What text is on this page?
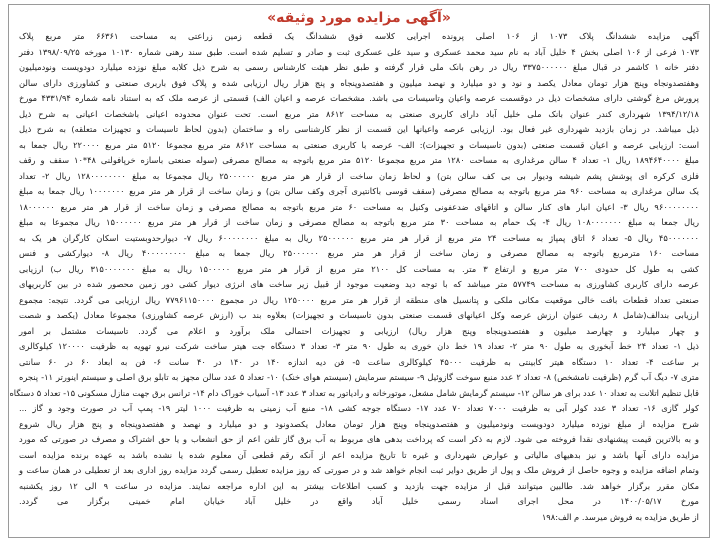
«آگهی مزایده مورد وثیقه»

آگهی مزایده ششدانگ پلاک ۱۰۷۳ از ۱۰۶ اصلی پرونده اجرایی کلاسه فوق ششدانگ یک قطعه زمین زراعتی به مساحت ۶۶۳۶۱ متر مربع پلاک
۱۰۷۳ فرعی از ۱۰۶ اصلی بخش ۴ خلیل آباد به نام سید محمد عسکری و سید علی عسکری ثبت و صادر و تسلیم شده است. طبق سند رهنی شماره ۱۰۱۳۰ مورخه ۱۳۹۸/۰۹/۲۵ دفتر
دفتر خانه ۱ کاشمر در قبال مبلغ ۳۳۷۵۰۰۰۰۰۰ ریال در رهن بانک ملی قرار گرفته و طبق نظر هیئت کارشناس رسمی به شرح ذیل کلابه مبلغ نوزده میلیارد دودویست ونودمیلیون
وهفتصدونجاه وپنج هزار تومان معادل یکصد و نود و دو میلیارد و نهصد میلیون و هفتصدوپنجاه و پنج هزار ریال ارزیابی شده و پلاک فوق باربری صنعتی و کشاورزی دارای سالن
پرورش مرغ گوشتی دارای مشخصات ذیل در دوقسمت عرصه واعیان وتاسیسات می باشد. مشخصات عرصه و اعیان الف) قسمتی از عرصه ملک که به استناد نامه شماره ۴۳۳۱/۹۴ مورخ
۱۳۹۴/۱۲/۱۸ شهرداری کندر عنوان بانک ملی خلیل آباد دارای کاربری صنعتی به مساحت ۸۶۱۲ متر مربع است. تحت عنوان محدوده اعیانی باشخصات اعیانی به شرح ذیل
ذیل میباشد. در زمان بازدید شهرداری غیر فعال بود. ارزیابی عرصه واعیانها این قسمت از نظر کارشناسی راه و ساختمان (بدون لحاظ تاسیسات و تجهیزات متعلقه) به شرح ذیل
است: ارزیابی عرصه و اعیان قسمت صنعتی (بدون تاسیسات و تجهیزات): الف- عرصه با کاربری صنعتی به مساحت ۸۶۱۲ متر مربع مجموعا ۵۱۲۰ متر مربع ۲۲۰۰۰۰ ریال جمعا به
مبلغ ۱۸۹۴۶۴۰۰۰۰ ریال ۱- تعداد ۴ سالن مرغداری به مساحت ۱۲۸۰ متر مربع مجموعا ۵۱۲۰ متر مربع باتوجه به مصالح مصرفی (سوله صنعتی باسازه خرپافولنی ۴۸*۱۰ سقف و رقف
فلزی کرکره ای پوشش پشم شیشه ودیوار بی بی کف سالن بتن) و لحاظ زمان ساخت از قرار هر متر مربع ۲۵۰۰۰۰۰۰ ریال مجموعا به مبلغ ۱۲۸۰۰۰۰۰۰۰۰ ریال ۲- تعداد
یک سالن مرغداری به مساحت ۹۶۰ متر مربع باتوجه به مصالح مصرفی (سقف قوسی باکانتیری آجری وکف سالن بتن) و زمان ساخت از قرار هر متر مربع ۱۰۰۰۰۰۰۰ ریال جمعا به مبلغ
۹۶۰۰۰۰۰۰۰۰ ریال ۳- اعیان انبار های کنار سالن و اتاقهای ضدعفونی وکنیل به مساحت ۶۰ متر مربع باتوجه به مصالح مصرفی و زمان ساخت از قرار هر متر مربع ۱۸۰۰۰۰۰۰
ریال جمعا به مبلغ ۱۰۸۰۰۰۰۰۰۰ ریال ۴- یک حمام به مساحت ۳۰ متر مربع باتوجه به مصالح مصرفی و زمان ساخت از قرار هر متر مربع ۱۵۰۰۰۰۰۰ ریال مجموعا به مبلغ
۴۵۰۰۰۰۰۰۰ ریال ۵- تعداد ۶ اتاق پمپاژ به مساحت ۲۴ متر مربع از قرار هر متر مربع ۲۵۰۰۰۰۰۰ ریال به مبلغ ۶۰۰۰۰۰۰۰۰ ریال ۷- دیوارحدوبستیت اسکان کارگران هر یک به
مساحت ۱۶۰ مترمربع باتوجه به مصالح مصرفی و زمان ساخت از قرار هر متر مربع ۲۵۰۰۰۰۰۰ ریال جمعا به مبلغ ۴۰۰۰۰۰۰۰۰۰ ریال ۸- دیوارکشی و فنس
کشی به طول کل حدودی ۷۰۰ متر مربع و ارتفاع ۳ متر. به مساحت کل ۲۱۰۰ متر مربع از قرار هر متر مربع ۱۵۰۰۰۰۰ ریال به مبلغ ۳۱۵۰۰۰۰۰۰۰ ریال ب) ارزیابی
عرصه دارای کاربری کشاورزی به مساحت ۵۷۷۴۹ متر میباشد که با توجه دید وضعیت موجود از قبیل زیر ساخت های انرژی دیوار کشی دور زمین محصور شده در بین کاربریهای
صنعتی تعداد قطعات بافت خالی موقعیت مکانی ملکی و پتانسیل های منطقه از قرار هر متر مربع ۱۲۵۰۰۰۰ ریال در مجموع ۷۷۹۶۱۱۵۰۰۰۰ ریال ارزیابی می گردد. نتیجه: مجموع
ارزیابی بندالف(شامل ۸ ردیف عنوان ارزش عرصه وکل اعیانهای قسمت صنعتی بدون تاسیسات و تجهیزات) بعلاوه بند ب (ارزش عرصه کشاورزی) مجموعا معادل (یکصد و شصت
و چهار میلیارد و چهارصد میلیون و هفتصدوپنجاه وپنج هزار ریال) ارزیابی و تجهیزات احتمالی ملک برآورد و اعلام می گردد. تاسیسات مشتمل بر امور
ذیل ۱- تعداد ۲۴ خط آبخوری به طول ۹۰ متر ۲- تعداد ۱۹ خط دان خوری به طول ۹۰ متر ۳- تعداد ۳ دستگاه جت هیتر ساخت شرکت نیرو تهویه به ظرفیت ۱۲۰۰۰۰ کیلوکالری
بر ساعت ۴- تعداد ۱۰ دستگاه هیتر کابینتی به ظرفیت ۴۵۰۰۰ کیلوکالری ساعت ۵- فن دیه اندازه ۱۴۰ در ۱۴۰ در ۴۰ سانت ۶- فن به ابعاد ۶۰ در ۶۰ سانتی
متری ۷- دیگ آب گرم (ظرفیت نامشخص) ۸- تعداد ۲ عدد منبع سوخت گازوئیل ۹- سیستم سرمایش (سیستم هوای خنک) ۱۰- تعداد ۵ عدد سالن مجهز به تابلو برق اصلی و سیستم اینورتر ۱۱- پنجره
قابل تنظیم اتلانت به تعداد ۱۰ عدد برای هر سالن ۱۲- سیستم گرمایش شامل مشعل، موتورخانه و رادیاتور به تعداد ۳ عدد ۱۳- آسیاب خوراک دام ۱۴- ترانس برق جهت منازل مسکونی ۱۵- تعداد ۵ دستگاه
کولر گازی ۱۶- تعداد ۳ عدد کولر آبی به ظرفیت ۷۰۰۰ تعداد ۷۰ عدد ۱۷- دستگاه جوجه کشی ۱۸- منبع آب زمینی به ظرفیت ۱۰۰۰ لیتر ۱۹- پمپ آب در صورت وجود و گاز ...
شرح مزایده از مبلغ نوزده میلیارد دودویست ونودمیلیون و هفتصدوپنجاه وپنج هزار تومان معادل یکصدونود و دو میلیارد و نهصد و هفتصدوپنجاه و پنج هزار ریال شروع
و به بالاترین قیمت پیشنهادی نقدا فروخته می شود. لازم به ذکر است که پرداخت بدهی های مربوط به آب برق گاز تلفن اعم از حق انشعاب و یا حق اشتراک و مصرف در صورتی که مورد
مزایده دارای آنها باشد و نیز بدهیهای مالیاتی و عوارض شهرداری و غیره تا تاریخ مزایده اعم از آنکه رقم قطعی آن معلوم شده یا نشده باشد به عهده برنده مزایده است
وتمام اضافه مزایده و وجوه حاصل از فروش ملک و پول از طریق دوایر ثبت انجام خواهد شد و در صورتی که روز مزایده تعطیل رسمی گردد مزایده روز اداری بعد از تعطیلی در همان ساعت و
مکان مقرر برگزار خواهد شد. طالبین میتوانند قبل از مزایده جهت بازدید و کسب اطلاعات بیشتر به این اداره مراجعه نمایند. مزایده در ساعت ۹ الی ۱۲ روز یکشنبه
مورخ ۱۴۰۰/۰۵/۱۷ در محل اجرای اسناد رسمی خلیل آباد واقع در خلیل آباد خیابان امام خمینی برگزار می گردد.
از طریق مزایده به فروش میرسد. م الف:۱۹۸
